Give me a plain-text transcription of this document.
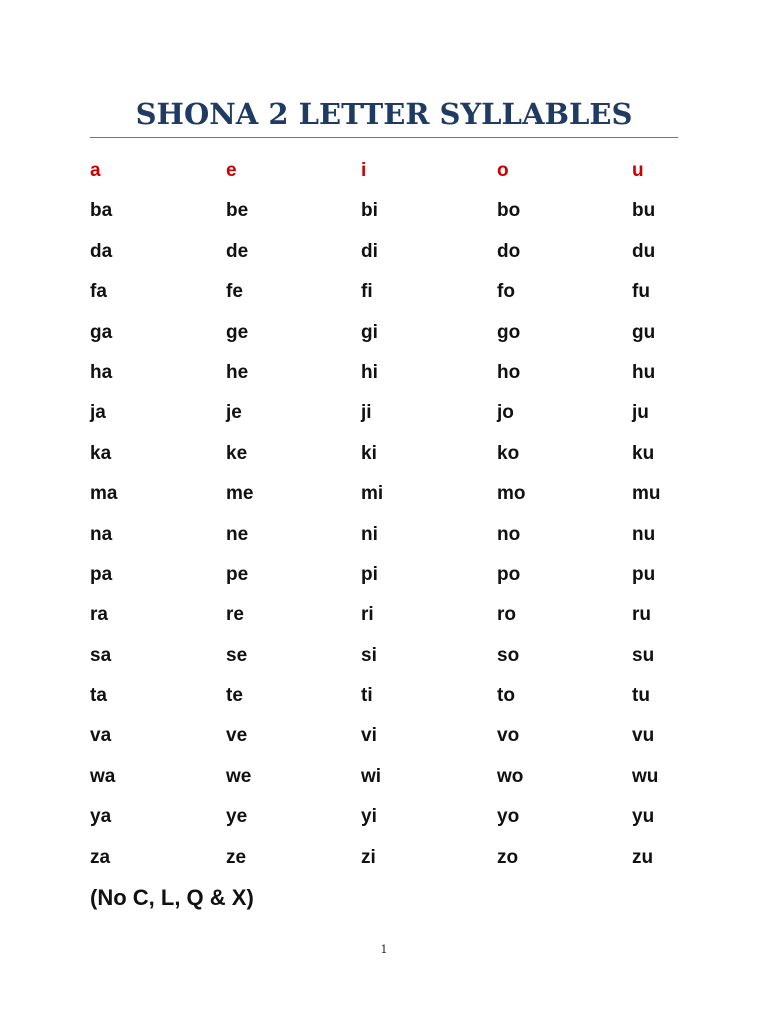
SHONA 2 LETTER SYLLABLES
a	e	i	o	u
ba	be	bi	bo	bu
da	de	di	do	du
fa	fe	fi	fo	fu
ga	ge	gi	go	gu
ha	he	hi	ho	hu
ja	je	ji	jo	ju
ka	ke	ki	ko	ku
ma	me	mi	mo	mu
na	ne	ni	no	nu
pa	pe	pi	po	pu
ra	re	ri	ro	ru
sa	se	si	so	su
ta	te	ti	to	tu
va	ve	vi	vo	vu
wa	we	wi	wo	wu
ya	ye	yi	yo	yu
za	ze	zi	zo	zu
(No C, L, Q & X)
1
